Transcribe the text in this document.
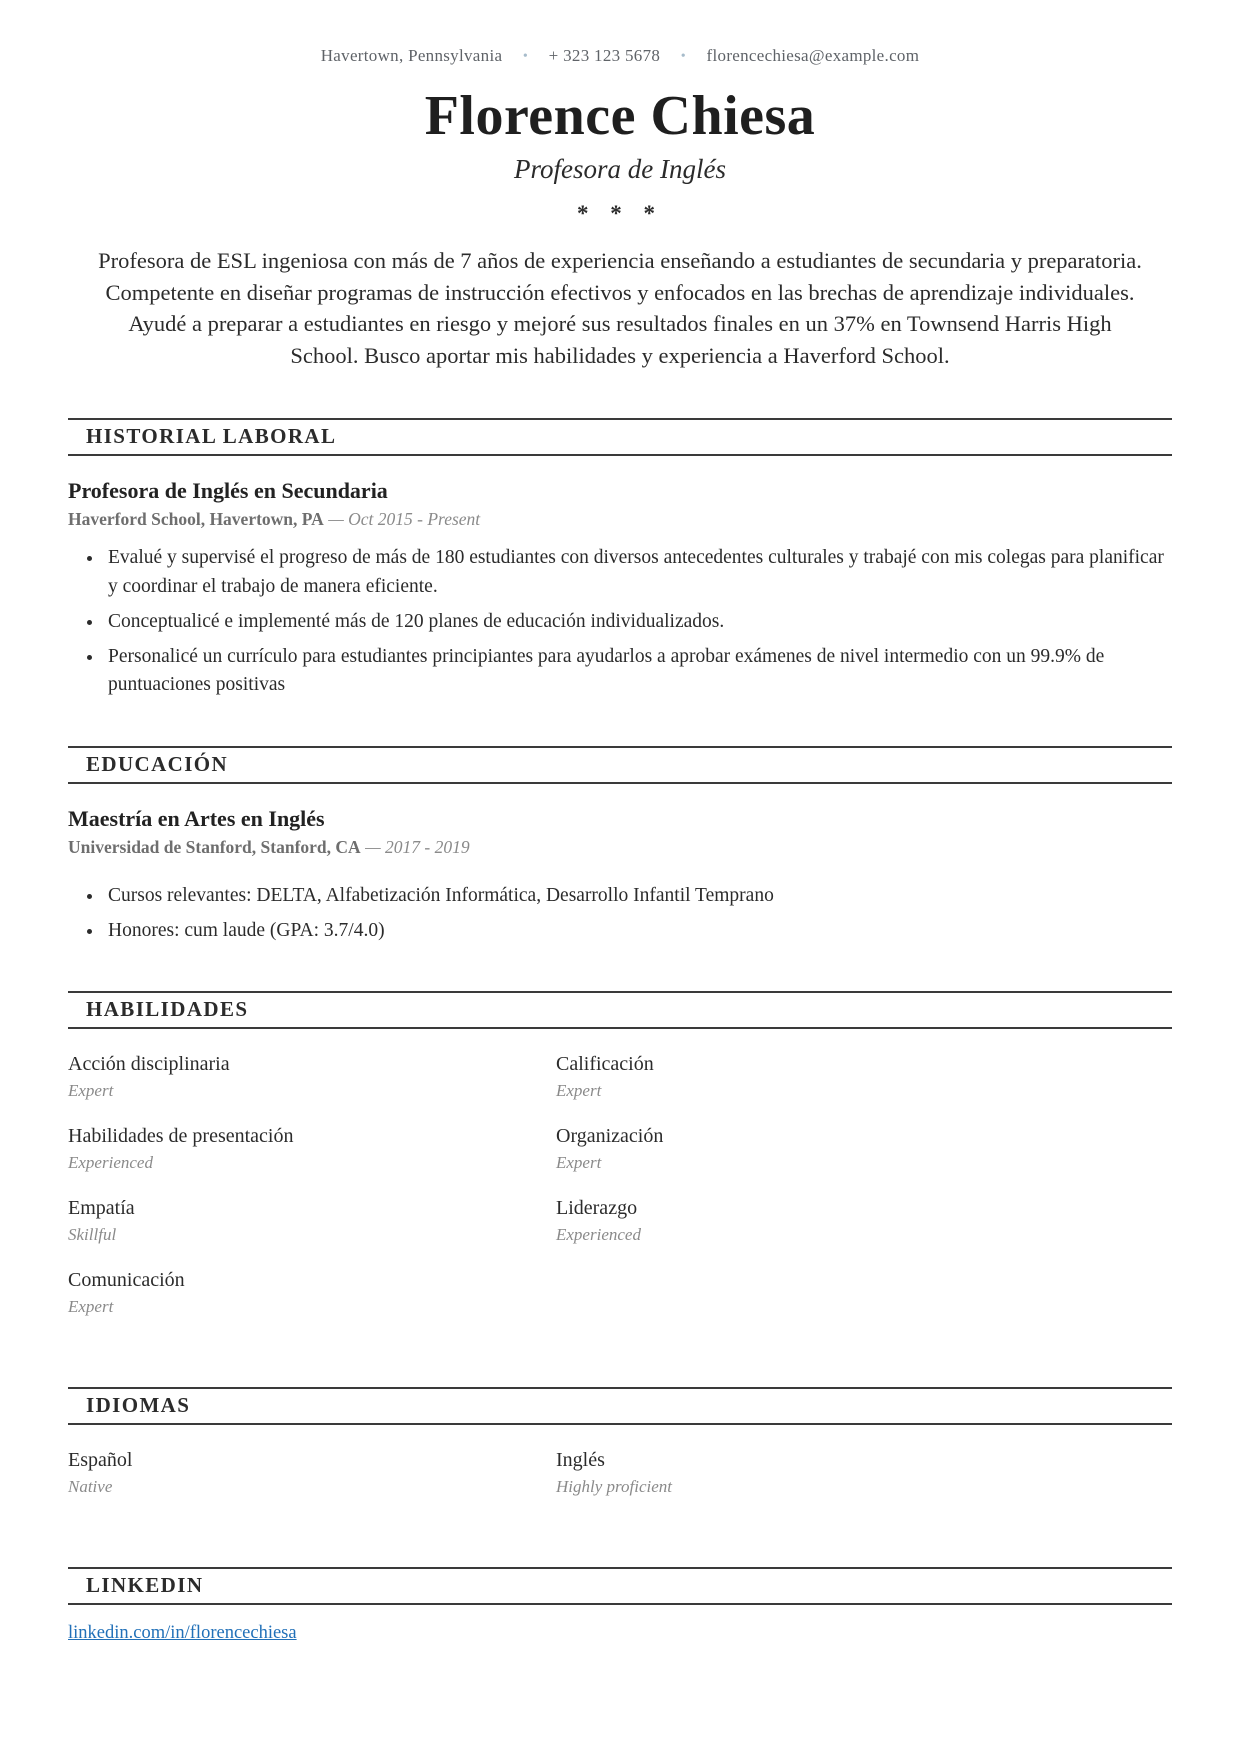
Havertown, Pennsylvania • + 323 123 5678 • florencechiesa@example.com
Florence Chiesa
Profesora de Inglés
* * *
Profesora de ESL ingeniosa con más de 7 años de experiencia enseñando a estudiantes de secundaria y preparatoria. Competente en diseñar programas de instrucción efectivos y enfocados en las brechas de aprendizaje individuales. Ayudé a preparar a estudiantes en riesgo y mejoré sus resultados finales en un 37% en Townsend Harris High School. Busco aportar mis habilidades y experiencia a Haverford School.
HISTORIAL LABORAL
Profesora de Inglés en Secundaria
Haverford School, Havertown, PA — Oct 2015 - Present
• Evalué y supervisé el progreso de más de 180 estudiantes con diversos antecedentes culturales y trabajé con mis colegas para planificar y coordinar el trabajo de manera eficiente.
• Conceptualicé e implementé más de 120 planes de educación individualizados.
• Personalicé un currículo para estudiantes principiantes para ayudarlos a aprobar exámenes de nivel intermedio con un 99.9% de puntuaciones positivas
EDUCACIÓN
Maestría en Artes en Inglés
Universidad de Stanford, Stanford, CA — 2017 - 2019
• Cursos relevantes: DELTA, Alfabetización Informática, Desarrollo Infantil Temprano
• Honores: cum laude (GPA: 3.7/4.0)
HABILIDADES
Acción disciplinaria
Expert
Calificación
Expert
Habilidades de presentación
Experienced
Organización
Expert
Empatía
Skillful
Liderazgo
Experienced
Comunicación
Expert
IDIOMAS
Español
Native
Inglés
Highly proficient
LINKEDIN
linkedin.com/in/florencechiesa
